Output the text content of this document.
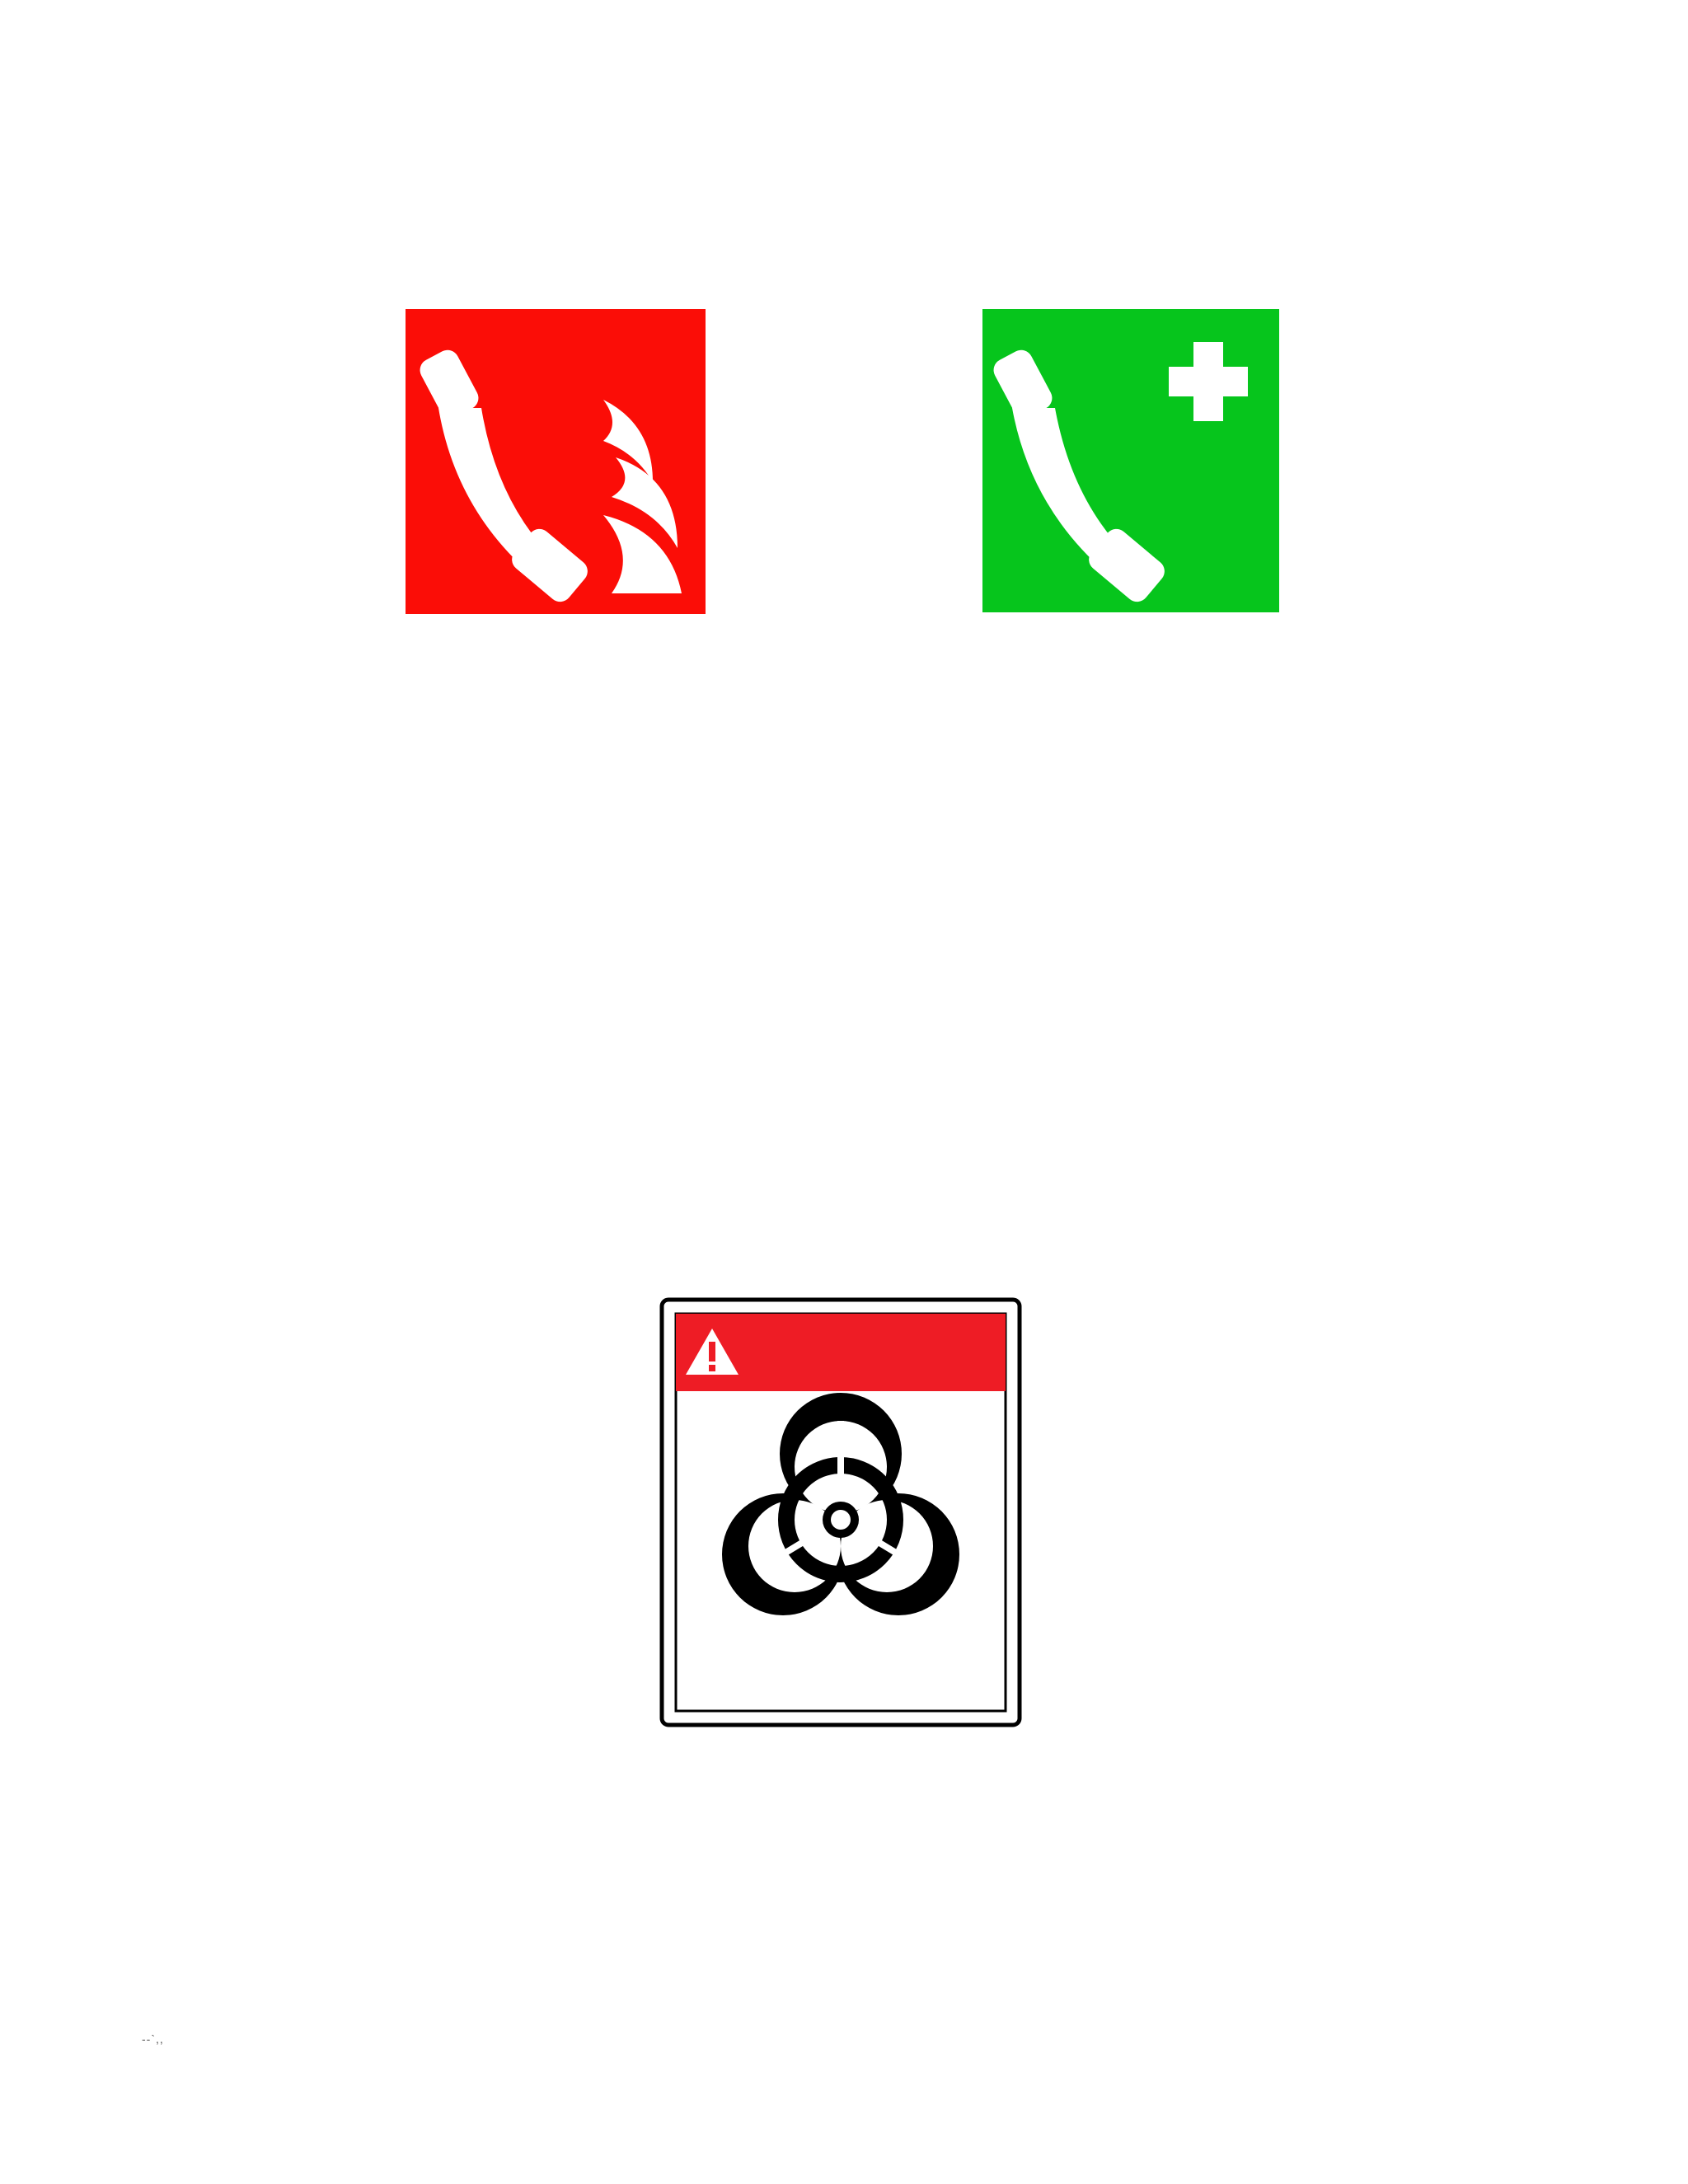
--`,,
